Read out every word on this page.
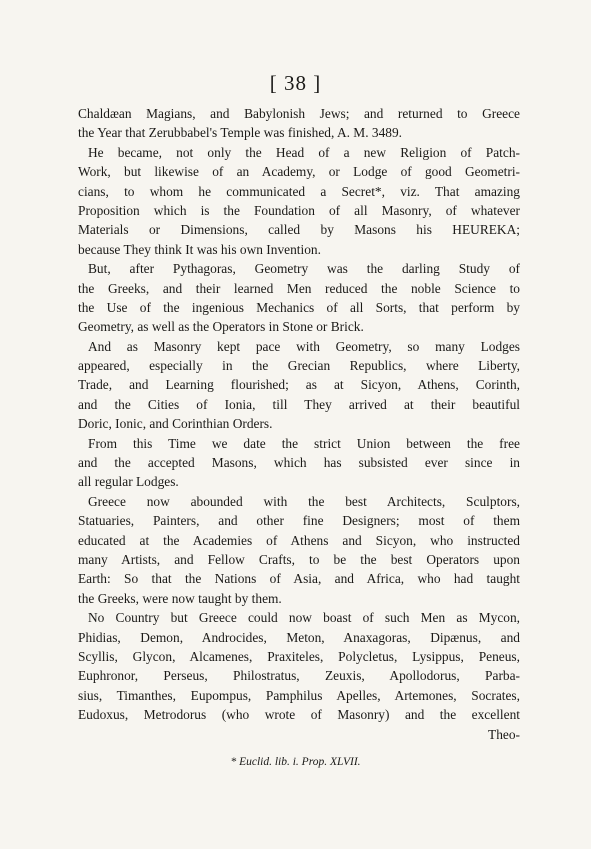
[ 38 ]
Chaldæan Magians, and Babylonish Jews; and returned to Greece
the Year that Zerubbabel's Temple was finished, A. M. 3489.
He became, not only the Head of a new Religion of Patch-
Work, but likewise of an Academy, or Lodge of good Geometri-
cians, to whom he communicated a Secret*, viz. That amazing
Proposition which is the Foundation of all Masonry, of whatever
Materials or Dimensions, called by Masons his HEUREKA;
because They think It was his own Invention.
But, after Pythagoras, Geometry was the darling Study of
the Greeks, and their learned Men reduced the noble Science to
the Use of the ingenious Mechanics of all Sorts, that perform by
Geometry, as well as the Operators in Stone or Brick.
And as Masonry kept pace with Geometry, so many Lodges
appeared, especially in the Grecian Republics, where Liberty,
Trade, and Learning flourished; as at Sicyon, Athens, Corinth,
and the Cities of Ionia, till They arrived at their beautiful
Doric, Ionic, and Corinthian Orders.
From this Time we date the strict Union between the free
and the accepted Masons, which has subsisted ever since in
all regular Lodges.
Greece now abounded with the best Architects, Sculptors,
Statuaries, Painters, and other fine Designers; most of them
educated at the Academies of Athens and Sicyon, who instructed
many Artists, and Fellow Crafts, to be the best Operators upon
Earth: So that the Nations of Asia, and Africa, who had taught
the Greeks, were now taught by them.
No Country but Greece could now boast of such Men as Mycon,
Phidias, Demon, Androcides, Meton, Anaxagoras, Dipænus, and
Scyllis, Glycon, Alcamenes, Praxiteles, Polycletus, Lysippus, Peneus,
Euphronor, Perseus, Philostratus, Zeuxis, Apollodorus, Parba-
sius, Timanthes, Eupompus, Pamphilus Apelles, Artemones, Socrates,
Eudoxus, Metrodorus (who wrote of Masonry) and the excellent
Theo-
* Euclid. lib. i. Prop. XLVII.
